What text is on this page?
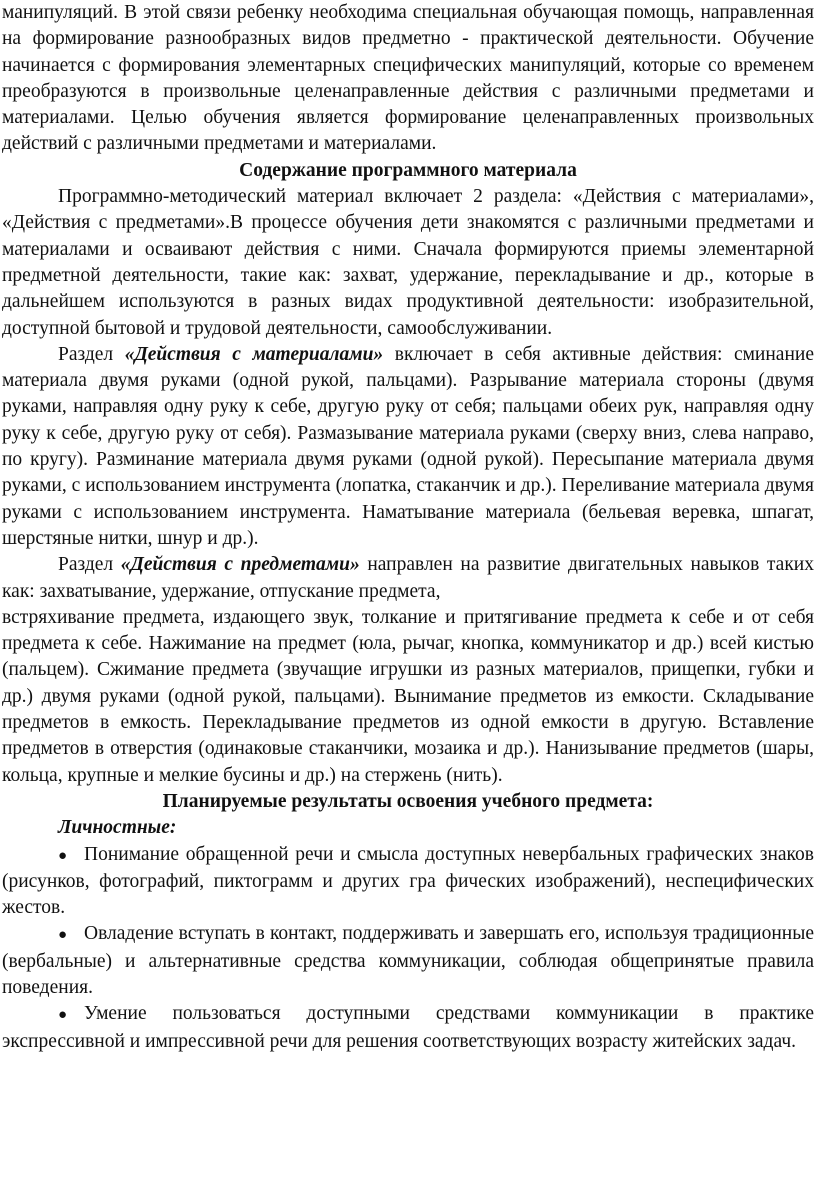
манипуляций. В этой связи ребенку необходима специальная обучающая помощь, направленная на формирование разнообразных видов предметно - практической деятельности. Обучение начинается с формирования элементарных специфических манипуляций, которые со временем преобразуются в произвольные целенаправленные действия с различными предметами и материалами. Целью обучения является формирование целенаправленных произвольных действий с различными предметами и материалами.

Содержание программного материала

Программно-методический материал включает 2 раздела: «Действия с материалами», «Действия с предметами».В процессе обучения дети знакомятся с различными предметами и материалами и осваивают действия с ними. Сначала формируются приемы элементарной предметной деятельности, такие как: захват, удержание, перекладывание и др., которые в дальнейшем используются в разных видах продуктивной деятельности: изобразительной, доступной бытовой и трудовой деятельности, самообслуживании.

Раздел «Действия с материалами» включает в себя активные действия: сминание материала двумя руками (одной рукой, пальцами). Разрывание материала стороны (двумя руками, направляя одну руку к себе, другую руку от себя; пальцами обеих рук, направляя одну руку к себе, другую руку от себя). Размазывание материала руками (сверху вниз, слева направо, по кругу). Разминание материала двумя руками (одной рукой). Пересыпание материала двумя руками, с использованием инструмента (лопатка, стаканчик и др.). Переливание материала двумя руками с использованием инструмента. Наматывание материала (бельевая веревка, шпагат, шерстяные нитки, шнур и др.).

Раздел «Действия с предметами» направлен на развитие двигательных навыков таких как: захватывание, удержание, отпускание предмета,

встряхивание предмета, издающего звук, толкание и притягивание предмета к себе и от себя предмета к себе. Нажимание на предмет (юла, рычаг, кнопка, коммуникатор и др.) всей кистью (пальцем). Сжимание предмета (звучащие игрушки из разных материалов, прищепки, губки и др.) двумя руками (одной рукой, пальцами). Вынимание предметов из емкости. Складывание предметов в емкость. Перекладывание предметов из одной емкости в другую. Вставление предметов в отверстия (одинаковые стаканчики, мозаика и др.). Нанизывание предметов (шары, кольца, крупные и мелкие бусины и др.) на стержень (нить).

Планируемые результаты освоения учебного предмета:

Личностные:

● Понимание обращенной речи и смысла доступных невербальных графических знаков (рисунков, фотографий, пиктограмм и других гра фических изображений), неспецифических жестов.

● Овладение вступать в контакт, поддерживать и завершать его, используя традиционные (вербальные) и альтернативные средства коммуникации, соблюдая общепринятые правила поведения.

● Умение пользоваться доступными средствами коммуникации в практике экспрессивной и импрессивной речи для решения соответствующих возрасту житейских задач.
